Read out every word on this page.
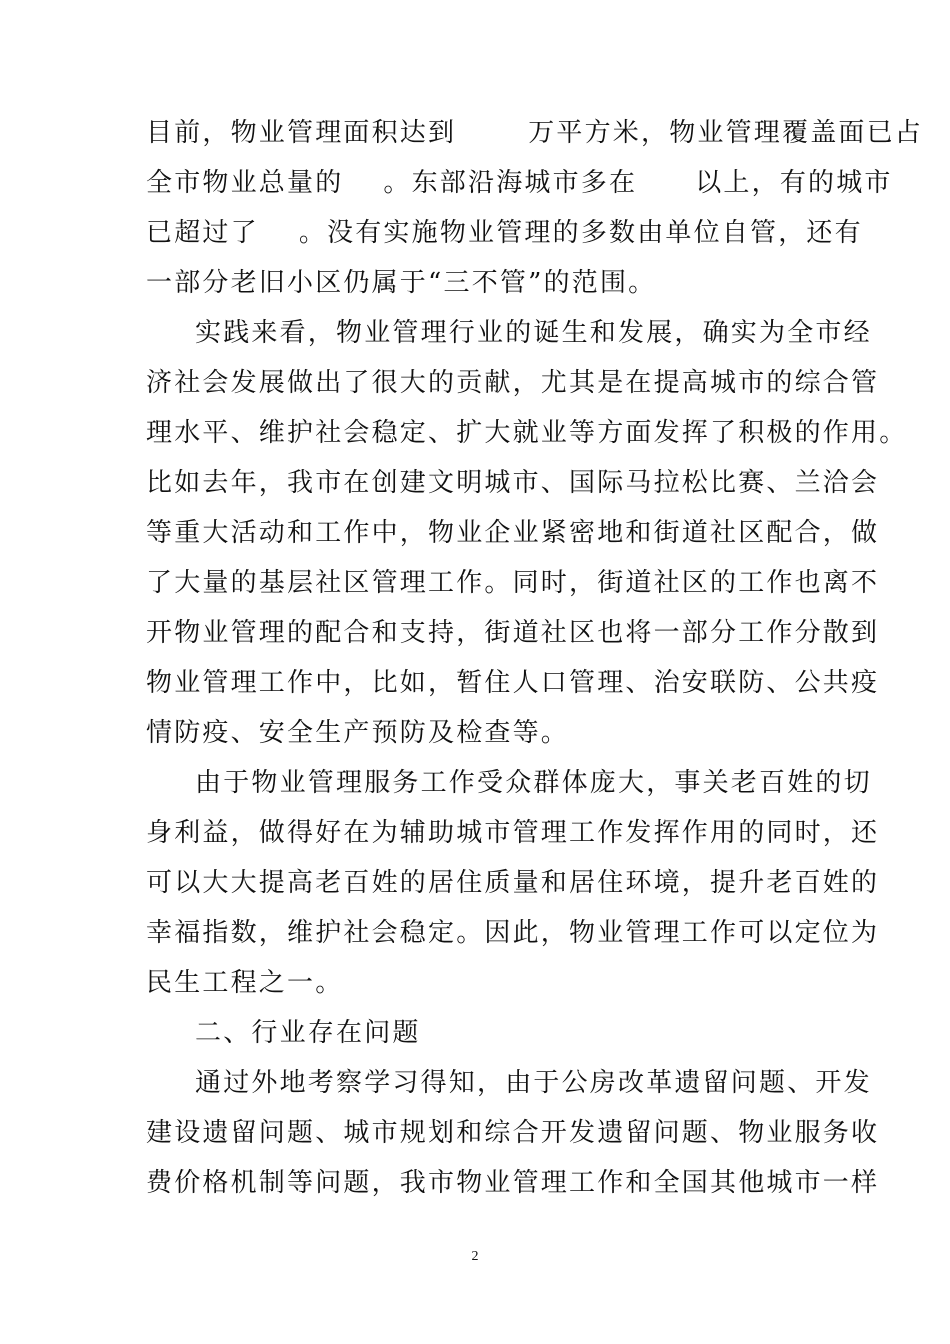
目前，物业管理面积达到	万平方米，物业管理覆盖面已占
全市物业总量的 。东部沿海城市多在 以上，有的城市
已超过了 。没有实施物业管理的多数由单位自管，还有
一部分老旧小区仍属于“三不管”的范围。
实践来看，物业管理行业的诞生和发展，确实为全市经
济社会发展做出了很大的贡献，尤其是在提高城市的综合管
理水平、维护社会稳定、扩大就业等方面发挥了积极的作用。
比如去年，我市在创建文明城市、国际马拉松比赛、兰洽会
等重大活动和工作中，物业企业紧密地和街道社区配合，做
了大量的基层社区管理工作。同时，街道社区的工作也离不
开物业管理的配合和支持，街道社区也将一部分工作分散到
物业管理工作中，比如，暂住人口管理、治安联防、公共疫
情防疫、安全生产预防及检查等。
由于物业管理服务工作受众群体庞大，事关老百姓的切
身利益，做得好在为辅助城市管理工作发挥作用的同时，还
可以大大提高老百姓的居住质量和居住环境，提升老百姓的
幸福指数，维护社会稳定。因此，物业管理工作可以定位为
民生工程之一。
二、行业存在问题
通过外地考察学习得知，由于公房改革遗留问题、开发
建设遗留问题、城市规划和综合开发遗留问题、物业服务收
费价格机制等问题，我市物业管理工作和全国其他城市一样
2
